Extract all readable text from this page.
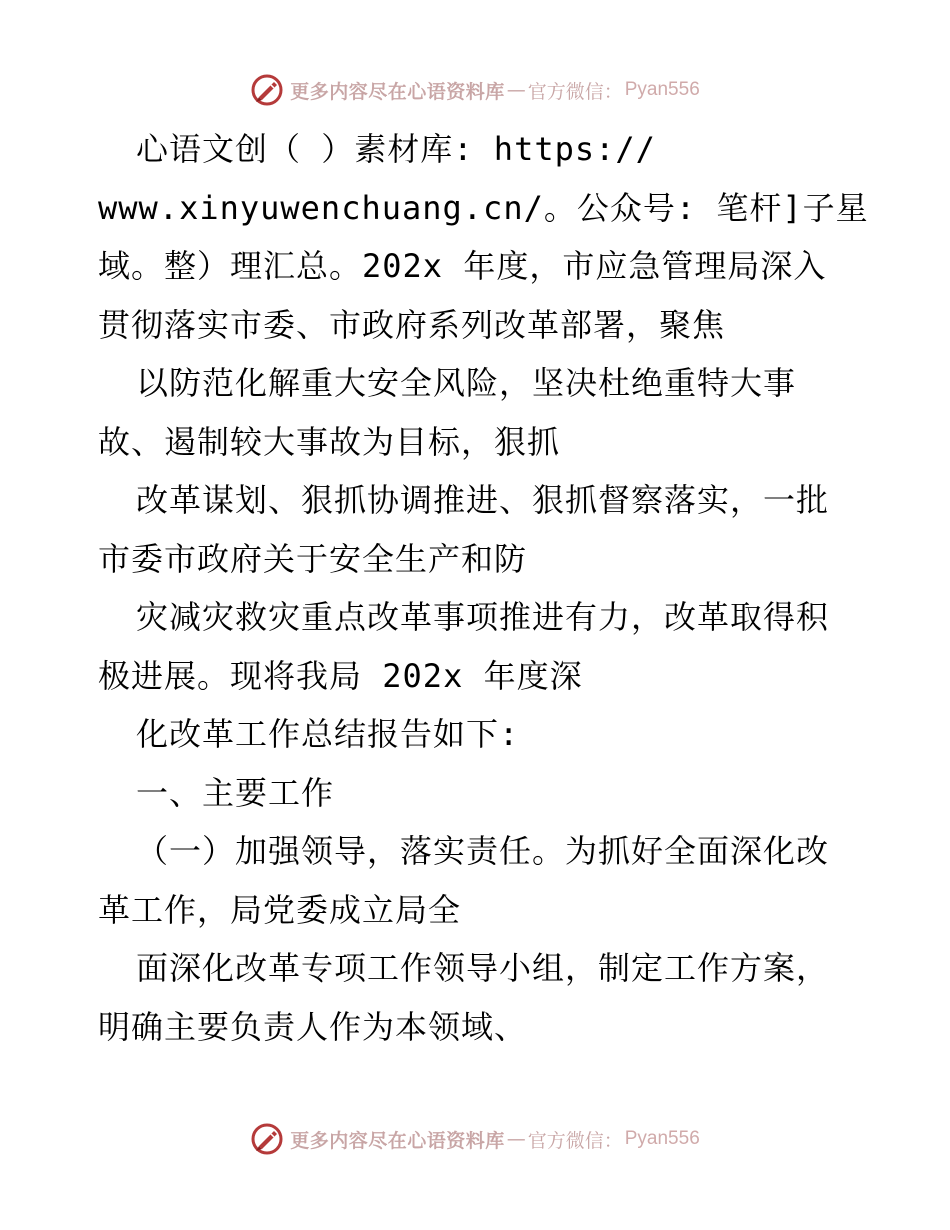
更多内容尽在心语资料库 — 官方微信： Pyan556
心语文创（ ）素材库: https://
www.xinyuwenchuang.cn/。公众号: 笔杆]子星
域。整）理汇总。202x 年度，市应急管理局深入
贯彻落实市委、市政府系列改革部署，聚焦
以防范化解重大安全风险，坚决杜绝重特大事
故、遏制较大事故为目标，狠抓
改革谋划、狠抓协调推进、狠抓督察落实，一批
市委市政府关于安全生产和防
灾减灾救灾重点改革事项推进有力，改革取得积
极进展。现将我局 202x 年度深
化改革工作总结报告如下:
一、主要工作
（一）加强领导，落实责任。为抓好全面深化改
革工作，局党委成立局全
面深化改革专项工作领导小组，制定工作方案，
明确主要负责人作为本领域、
更多内容尽在心语资料库 — 官方微信： Pyan556
